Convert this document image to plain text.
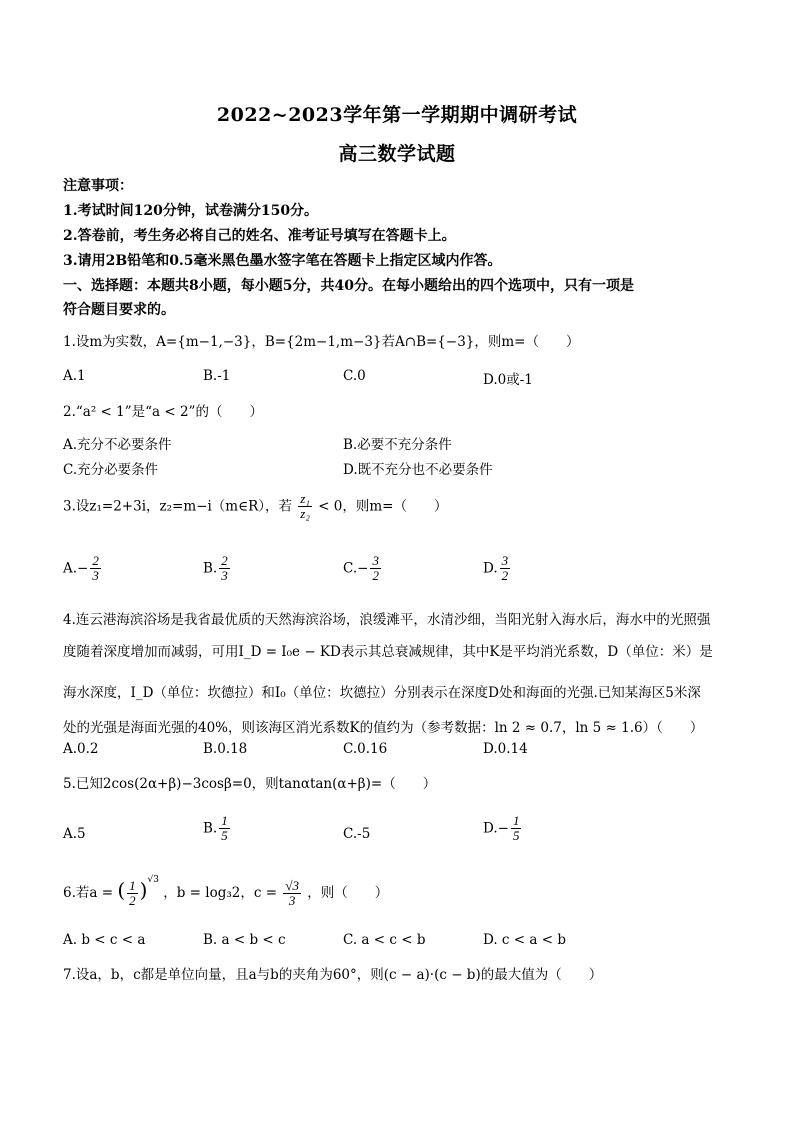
2022~2023学年第一学期期中调研考试
高三数学试题
注意事项：
1.考试时间120分钟，试卷满分150分。
2.答卷前，考生务必将自己的姓名、准考证号填写在答题卡上。
3.请用2B铅笔和0.5毫米黑色墨水签字笔在答题卡上指定区域内作答。
一、选择题：本题共8小题，每小题5分，共40分。在每小题给出的四个选项中，只有一项是
符合题目要求的。
1.设m为实数，A={m−1,−3}，B={2m−1,m−3}若A∩B={−3}，则m=（　　）
A.1	B.-1	C.0	D.0或-1
2.“a² < 1”是“a < 2”的（　　）
A.充分不必要条件	B.必要不充分条件
C.充分必要条件	D.既不充分也不必要条件
3.设z₁=2+3i，z₂=m−i（m∈R），若 $\frac{\text{z₁}}{\text{z₂}} < 0$，则m=（　　）
$A.- \frac{2}{3}$	B. $\frac{2}{3}$	$C.- \frac{3}{2}$	D. $\frac{3}{2}$
4.连云港海滨浴场是我省最优质的天然海滨浴场，浪缓滩平，水清沙细，当阳光射入海水后，海水中的光照强
度随着深度增加而减弱，可用I_D = I₀e − KD表示其总衰减规律，其中K是平均消光系数，D（单位：米）是
海水深度，I_D（单位：坎德拉）和I₀（单位：坎德拉）分别表示在深度D处和海面的光强.已知某海区5米深
处的光强是海面光强的40%，则该海区消光系数K的值约为（参考数据：ln 2 ≈ 0.7，ln 5 ≈ 1.6）（　　）
A.0.2	B.0.18	C.0.16	D.0.14
5.已知2cos(2α+β)−3cosβ=0，则tanαtan(α+β)=（　　）
A.5	B. $\frac{1}{5}$	C.-5	$D.- \frac{1}{5}$
6.若a = ( $\frac{1}{2} )^{√3}$ ，b = log₃2，$c = \frac{√3}{3}$ ，则（　　）
A. b < c < a	B. a < b < c	C. a < c < b	D. c < a < b
7.设a，b，c都是单位向量，且a与b的夹角为60°，则(c − a)·(c − b)的最大值为（　　）
